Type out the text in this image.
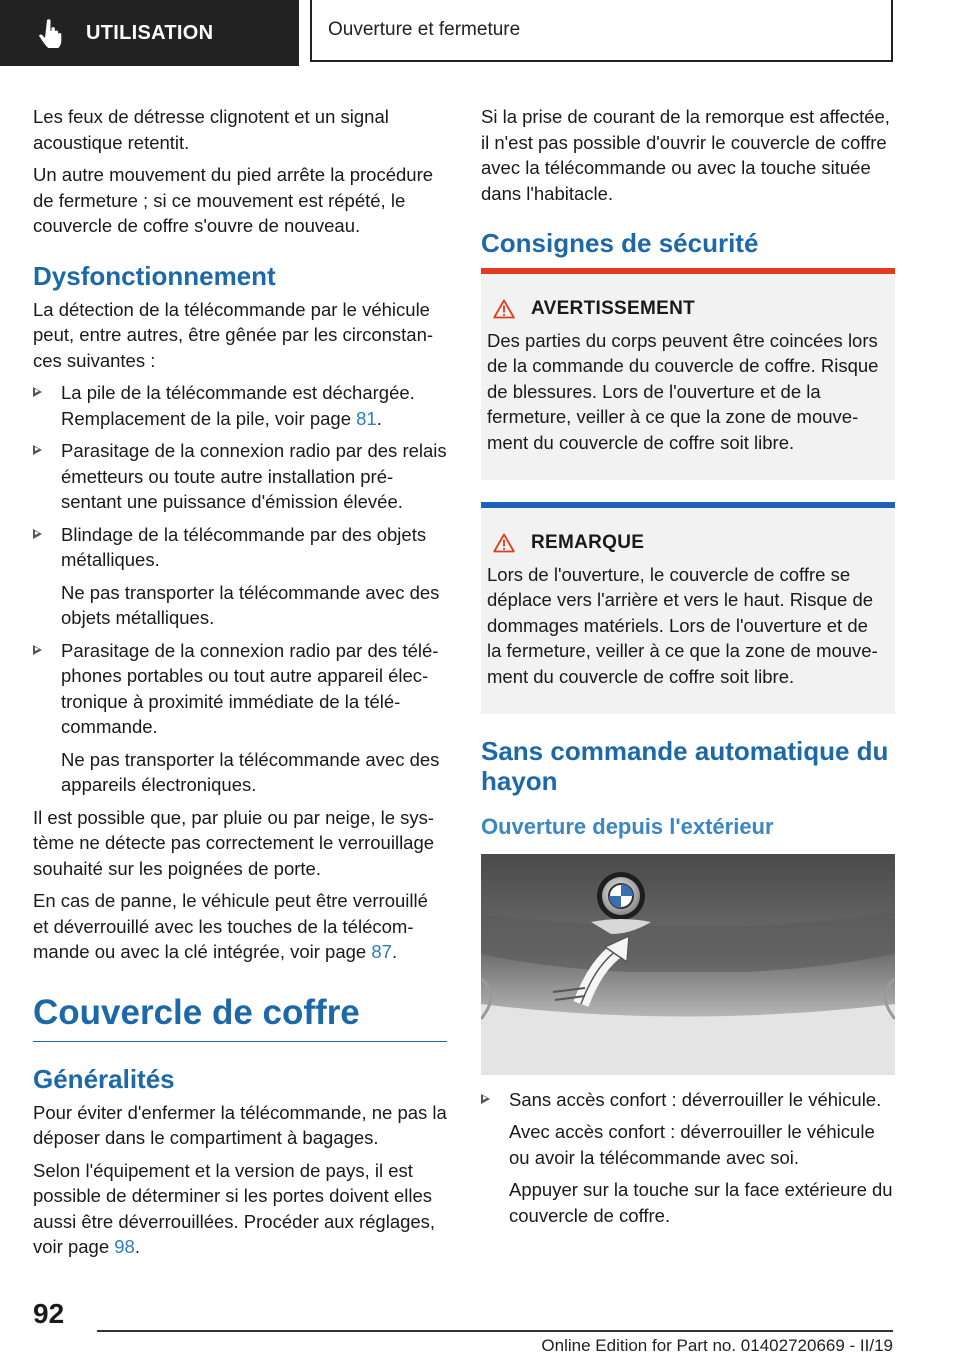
UTILISATION	Ouverture et fermeture

Les feux de détresse clignotent et un signal acoustique retentit.

Un autre mouvement du pied arrête la procédure de fermeture ; si ce mouvement est répété, le couvercle de coffre s'ouvre de nouveau.

Dysfonctionnement

La détection de la télécommande par le véhicule peut, entre autres, être gênée par les circonstances suivantes :

La pile de la télécommande est déchargée. Remplacement de la pile, voir page 81.

Parasitage de la connexion radio par des relais émetteurs ou toute autre installation présentant une puissance d'émission élevée.

Blindage de la télécommande par des objets métalliques.

Ne pas transporter la télécommande avec des objets métalliques.

Parasitage de la connexion radio par des téléphones portables ou tout autre appareil électronique à proximité immédiate de la télécommande.

Ne pas transporter la télécommande avec des appareils électroniques.

Il est possible que, par pluie ou par neige, le système ne détecte pas correctement le verrouillage souhaité sur les poignées de porte.

En cas de panne, le véhicule peut être verrouillé et déverrouillé avec les touches de la télécommande ou avec la clé intégrée, voir page 87.

Couvercle de coffre
Généralités

Pour éviter d'enfermer la télécommande, ne pas la déposer dans le compartiment à bagages.

Selon l'équipement et la version de pays, il est possible de déterminer si les portes doivent elles aussi être déverrouillées. Procéder aux réglages, voir page 98.

Si la prise de courant de la remorque est affectée, il n'est pas possible d'ouvrir le couvercle de coffre avec la télécommande ou avec la touche située dans l'habitacle.

Consignes de sécurité
AVERTISSEMENT

Des parties du corps peuvent être coincées lors de la commande du couvercle de coffre. Risque de blessures. Lors de l'ouverture et de la fermeture, veiller à ce que la zone de mouvement du couvercle de coffre soit libre.

REMARQUE

Lors de l'ouverture, le couvercle de coffre se déplace vers l'arrière et vers le haut. Risque de dommages matériels. Lors de l'ouverture et de la fermeture, veiller à ce que la zone de mouvement du couvercle de coffre soit libre.

Sans commande automatique du hayon
Ouverture depuis l'extérieur

Sans accès confort : déverrouiller le véhicule.

Avec accès confort : déverrouiller le véhicule ou avoir la télécommande avec soi.

Appuyer sur la touche sur la face extérieure du couvercle de coffre.

92
Online Edition for Part no. 01402720669 - II/19
